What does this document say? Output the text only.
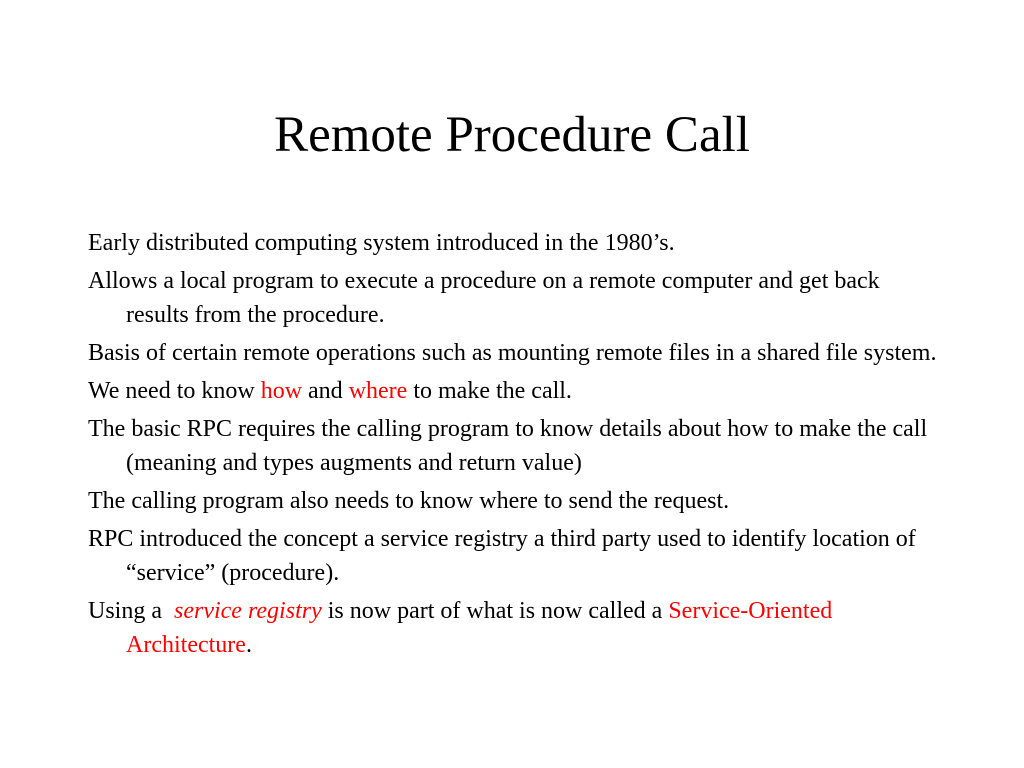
Remote Procedure Call
Early distributed computing system introduced in the 1980’s.
Allows a local program to execute a procedure on a remote computer and get back results from the procedure.
Basis of certain remote operations such as mounting remote files in a shared file system.
We need to know how and where to make the call.
The basic RPC requires the calling program to know details about how to make the call (meaning and types augments and return value)
The calling program also needs to know where to send the request.
RPC introduced the concept a service registry a third party used to identify location of “service” (procedure).
Using a  service registry is now part of what is now called a Service-Oriented Architecture.
